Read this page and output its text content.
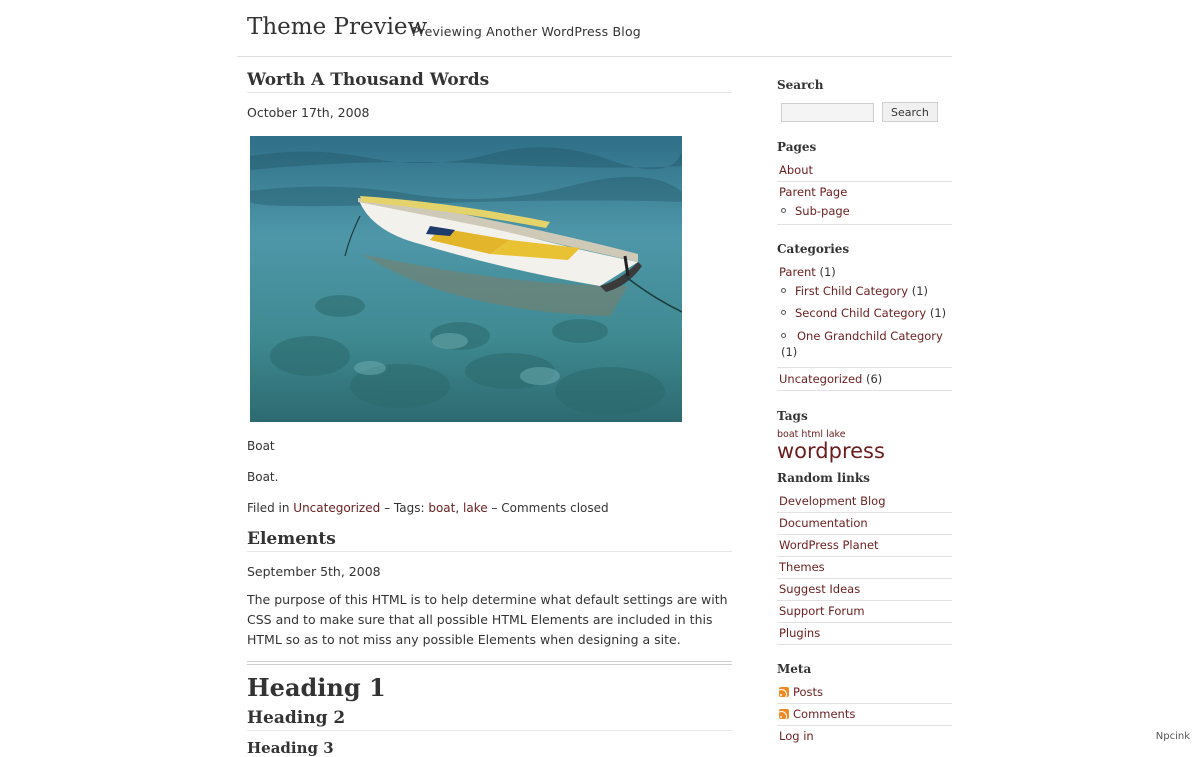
Theme Preview
Previewing Another WordPress Blog
Worth A Thousand Words
October 17th, 2008
Boat
Boat.
Filed in Uncategorized – Tags: boat, lake – Comments closed
Elements
September 5th, 2008
The purpose of this HTML is to help determine what default settings are with CSS and to make sure that all possible HTML Elements are included in this HTML so as to not miss any possible Elements when designing a site.
Heading 1
Heading 2
Heading 3
Search
Search
Pages
About
Parent Page
Sub-page
Categories
Parent (1)
First Child Category (1)
Second Child Category (1)
One Grandchild Category
(1)
Uncategorized (6)
Tags
boat html lake
wordpress
Random links
Development Blog
Documentation
WordPress Planet
Themes
Suggest Ideas
Support Forum
Plugins
Meta
Posts
Comments
Log in	Npcink
